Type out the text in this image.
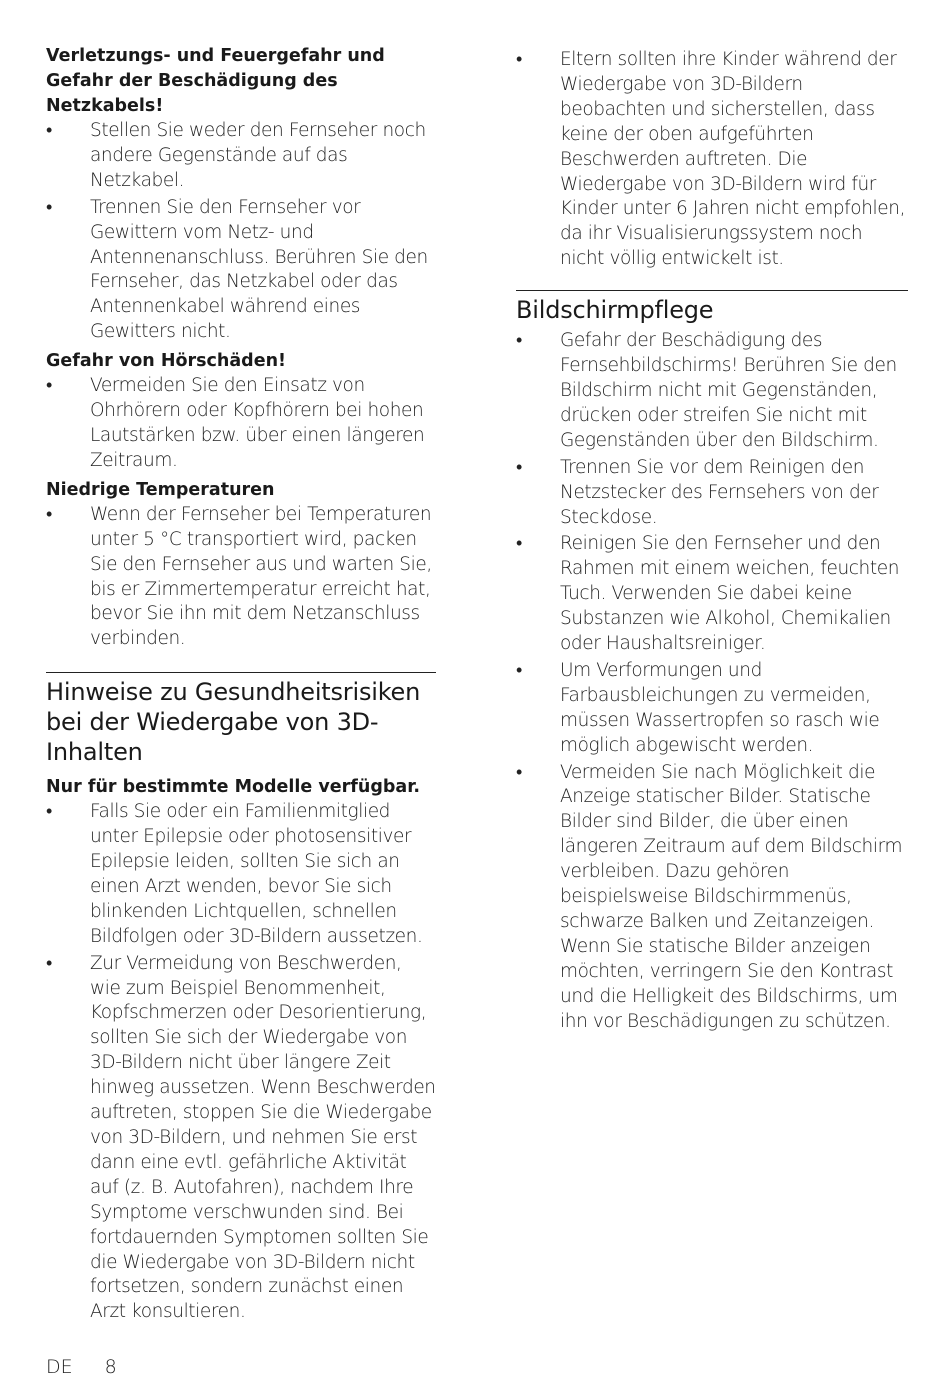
Verletzungs- und Feuergefahr und Gefahr der Beschädigung des Netzkabels!

• Stellen Sie weder den Fernseher noch andere Gegenstände auf das Netzkabel.
• Trennen Sie den Fernseher vor Gewittern vom Netz- und Antennenanschluss. Berühren Sie den Fernseher, das Netzkabel oder das Antennenkabel während eines Gewitters nicht.

Gefahr von Hörschäden!

• Vermeiden Sie den Einsatz von Ohrhörern oder Kopfhörern bei hohen Lautstärken bzw. über einen längeren Zeitraum.

Niedrige Temperaturen

• Wenn der Fernseher bei Temperaturen unter 5 °C transportiert wird, packen Sie den Fernseher aus und warten Sie, bis er Zimmertemperatur erreicht hat, bevor Sie ihn mit dem Netzanschluss verbinden.
Hinweise zu Gesundheitsrisiken bei der Wiedergabe von 3D-Inhalten

Nur für bestimmte Modelle verfügbar.

• Falls Sie oder ein Familienmitglied unter Epilepsie oder photosensitiver Epilepsie leiden, sollten Sie sich an einen Arzt wenden, bevor Sie sich blinkenden Lichtquellen, schnellen Bildfolgen oder 3D-Bildern aussetzen.
• Zur Vermeidung von Beschwerden, wie zum Beispiel Benommenheit, Kopfschmerzen oder Desorientierung, sollten Sie sich der Wiedergabe von 3D-Bildern nicht über längere Zeit hinweg aussetzen. Wenn Beschwerden auftreten, stoppen Sie die Wiedergabe von 3D-Bildern, und nehmen Sie erst dann eine evtl. gefährliche Aktivität auf (z. B. Autofahren), nachdem Ihre Symptome verschwunden sind. Bei fortdauernden Symptomen sollten Sie die Wiedergabe von 3D-Bildern nicht fortsetzen, sondern zunächst einen Arzt konsultieren.
• Eltern sollten ihre Kinder während der Wiedergabe von 3D-Bildern beobachten und sicherstellen, dass keine der oben aufgeführten Beschwerden auftreten. Die Wiedergabe von 3D-Bildern wird für Kinder unter 6 Jahren nicht empfohlen, da ihr Visualisierungssystem noch nicht völlig entwickelt ist.
Bildschirmpflege
• Gefahr der Beschädigung des Fernsehbildschirms! Berühren Sie den Bildschirm nicht mit Gegenständen, drücken oder streifen Sie nicht mit Gegenständen über den Bildschirm.
• Trennen Sie vor dem Reinigen den Netzstecker des Fernsehers von der Steckdose.
• Reinigen Sie den Fernseher und den Rahmen mit einem weichen, feuchten Tuch. Verwenden Sie dabei keine Substanzen wie Alkohol, Chemikalien oder Haushaltsreiniger.
• Um Verformungen und Farbausbleichungen zu vermeiden, müssen Wassertropfen so rasch wie möglich abgewischt werden.
• Vermeiden Sie nach Möglichkeit die Anzeige statischer Bilder. Statische Bilder sind Bilder, die über einen längeren Zeitraum auf dem Bildschirm verbleiben. Dazu gehören beispielsweise Bildschirmmenüs, schwarze Balken und Zeitanzeigen. Wenn Sie statische Bilder anzeigen möchten, verringern Sie den Kontrast und die Helligkeit des Bildschirms, um ihn vor Beschädigungen zu schützen.
DE 8
